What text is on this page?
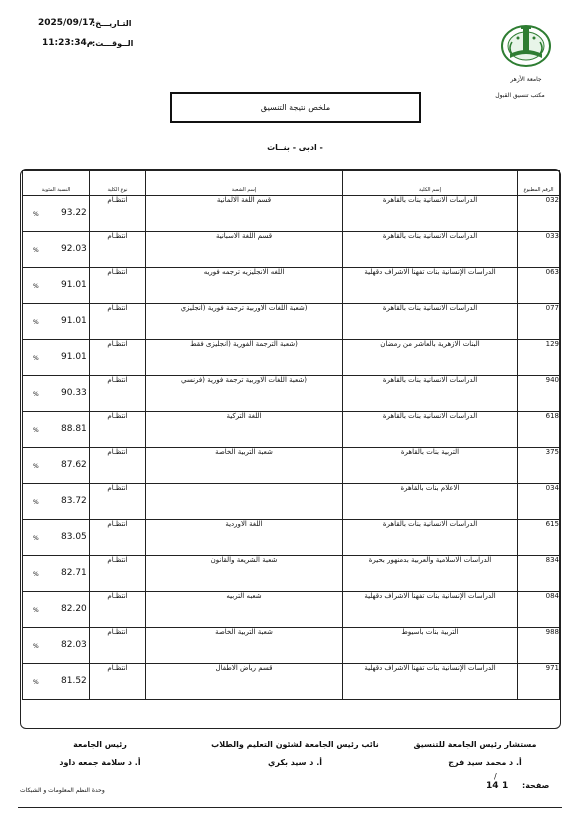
التـاريـــخ:
2025/09/17
الــوقـــت:
11:23:34م
جامعة الأزهر
مكتب تنسيق القبول
ملخص نتيجة التنسيق
- ادبى - بنــات
الرقم المطبوع	إسم الكلية	إسم الشعبة	نوع الكلية	النسبة المئوية
032	الدراسات الانسانية بنات بالقاهرة	قسم اللغة الالمانية	انتظـام	93.22
%

033	الدراسات الانسانية بنات بالقاهرة	قسم اللغة الاسبانية	انتظـام	92.03
%

063	الدراسات الإنسانية بنات تفهنا الاشراف دقهلية	اللغه الانجليزيه ترجمه فوريه	انتظـام	91.01
%

077	الدراسات الانسانية بنات بالقاهرة	(شعبة اللغات الاوربية ترجمة فورية (انجليزي	انتظـام	91.01
%

129	البنات الازهرية بالعاشر من رمضان	(شعبة الترجمة الفورية (انجليزى فقط	انتظـام	91.01
%

940	الدراسات الانسانية بنات بالقاهرة	(شعبة اللغات الاوربية ترجمة فورية (فرنسي	انتظـام	90.33
%

618	الدراسات الانسانية بنات بالقاهرة	اللغة التركية	انتظـام	88.81
%

375	التربية بنات بالقاهرة	شعبة التربية الخاصة	انتظـام	87.62
%

034	الاعلام بنات بالقاهرة		انتظـام	83.72
%

615	الدراسات الانسانية بنات بالقاهرة	اللغة الاوردية	انتظـام	83.05
%

834	الدراسات الاسلامية والعربية بدمنهور بحيرة	شعبة الشريعة والقانون	انتظـام	82.71
%

084	الدراسات الإنسانية بنات تفهنا الاشراف دقهلية	شعبه التربيه	انتظـام	82.20
%

988	التربية بنات باسيوط	شعبة التربية الخاصة	انتظـام	82.03
%

971	الدراسات الإنسانية بنات تفهنا الاشراف دقهلية	قسم رياض الاطفال	انتظـام	81.52
%
مستشار رئيس الجامعة للتنسيق
أ. د محمد سيد فرج
نائب رئيس الجامعة لشئون التعليم والطلاب
أ. د سيد بكري
رئيس الجامعة
أ. د سلامة جمعه داود
صفحة:
1
14
/
وحدة النظم المعلومات و الشبكات
